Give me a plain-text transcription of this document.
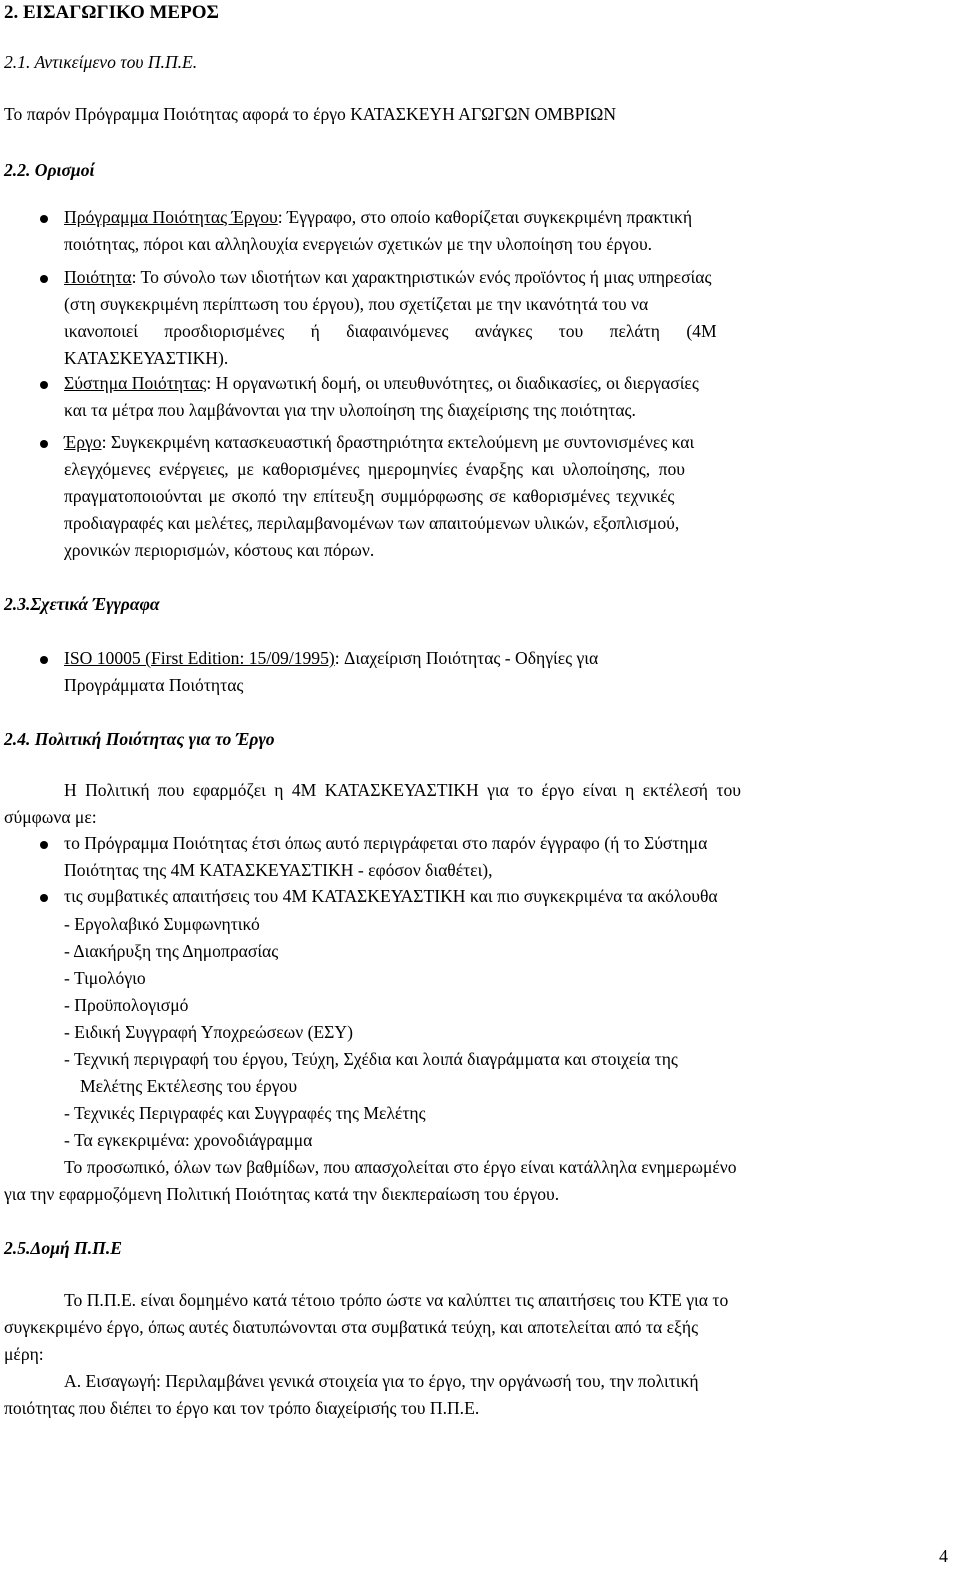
2. ΕΙΣΑΓΩΓΙΚΟ ΜΕΡΟΣ
2.1. Αντικείμενο του Π.Π.Ε.
Το παρόν Πρόγραμμα Ποιότητας αφορά το έργο ΚΑΤΑΣΚΕΥΗ ΑΓΩΓΩΝ ΟΜΒΡΙΩΝ
2.2. Ορισμοί
Πρόγραμμα Ποιότητας Έργου: Έγγραφο, στο οποίο καθορίζεται συγκεκριμένη πρακτική
ποιότητας, πόροι και αλληλουχία ενεργειών σχετικών με την υλοποίηση του έργου.
Ποιότητα: Το σύνολο των ιδιοτήτων και χαρακτηριστικών ενός προϊόντος ή μιας υπηρεσίας
(στη συγκεκριμένη περίπτωση του έργου), που σχετίζεται με την ικανότητά του να
ικανοποιεί προσδιορισμένες ή διαφαινόμενες ανάγκες του πελάτη (4Μ
ΚΑΤΑΣΚΕΥΑΣΤΙΚΗ).
Σύστημα Ποιότητας: Η οργανωτική δομή, οι υπευθυνότητες, οι διαδικασίες, οι διεργασίες
και τα μέτρα που λαμβάνονται για την υλοποίηση της διαχείρισης της ποιότητας.
Έργο: Συγκεκριμένη κατασκευαστική δραστηριότητα εκτελούμενη με συντονισμένες και
ελεγχόμενες ενέργειες, με καθορισμένες ημερομηνίες έναρξης και υλοποίησης, που
πραγματοποιούνται με σκοπό την επίτευξη συμμόρφωσης σε καθορισμένες τεχνικές
προδιαγραφές και μελέτες, περιλαμβανομένων των απαιτούμενων υλικών, εξοπλισμού,
χρονικών περιορισμών, κόστους και πόρων.
2.3.Σχετικά Έγγραφα
ISO 10005 (First Edition: 15/09/1995): Διαχείριση Ποιότητας - Οδηγίες για
Προγράμματα Ποιότητας
2.4. Πολιτική Ποιότητας για το Έργο
Η Πολιτική που εφαρμόζει η 4Μ ΚΑΤΑΣΚΕΥΑΣΤΙΚΗ για το έργο είναι η εκτέλεσή του
σύμφωνα με:
το Πρόγραμμα Ποιότητας έτσι όπως αυτό περιγράφεται στο παρόν έγγραφο (ή το Σύστημα
Ποιότητας της 4Μ ΚΑΤΑΣΚΕΥΑΣΤΙΚΗ - εφόσον διαθέτει),
τις συμβατικές απαιτήσεις του 4Μ ΚΑΤΑΣΚΕΥΑΣΤΙΚΗ και πιο συγκεκριμένα τα ακόλουθα
- Εργολαβικό Συμφωνητικό
- Διακήρυξη της Δημοπρασίας
- Τιμολόγιο
- Προϋπολογισμό
- Ειδική Συγγραφή Υποχρεώσεων (ΕΣΥ)
- Τεχνική περιγραφή του έργου, Τεύχη, Σχέδια και λοιπά διαγράμματα και στοιχεία της
Μελέτης Εκτέλεσης του έργου
- Τεχνικές Περιγραφές και Συγγραφές της Μελέτης
- Τα εγκεκριμένα: χρονοδιάγραμμα
Το προσωπικό, όλων των βαθμίδων, που απασχολείται στο έργο είναι κατάλληλα ενημερωμένο
για την εφαρμοζόμενη Πολιτική Ποιότητας κατά την διεκπεραίωση του έργου.
2.5.Δομή Π.Π.Ε
Το Π.Π.Ε. είναι δομημένο κατά τέτοιο τρόπο ώστε να καλύπτει τις απαιτήσεις του ΚΤΕ για το
συγκεκριμένο έργο, όπως αυτές διατυπώνονται στα συμβατικά τεύχη, και αποτελείται από τα εξής
μέρη:
Α. Εισαγωγή: Περιλαμβάνει γενικά στοιχεία για το έργο, την οργάνωσή του, την πολιτική
ποιότητας που διέπει το έργο και τον τρόπο διαχείρισής του Π.Π.Ε.
4
